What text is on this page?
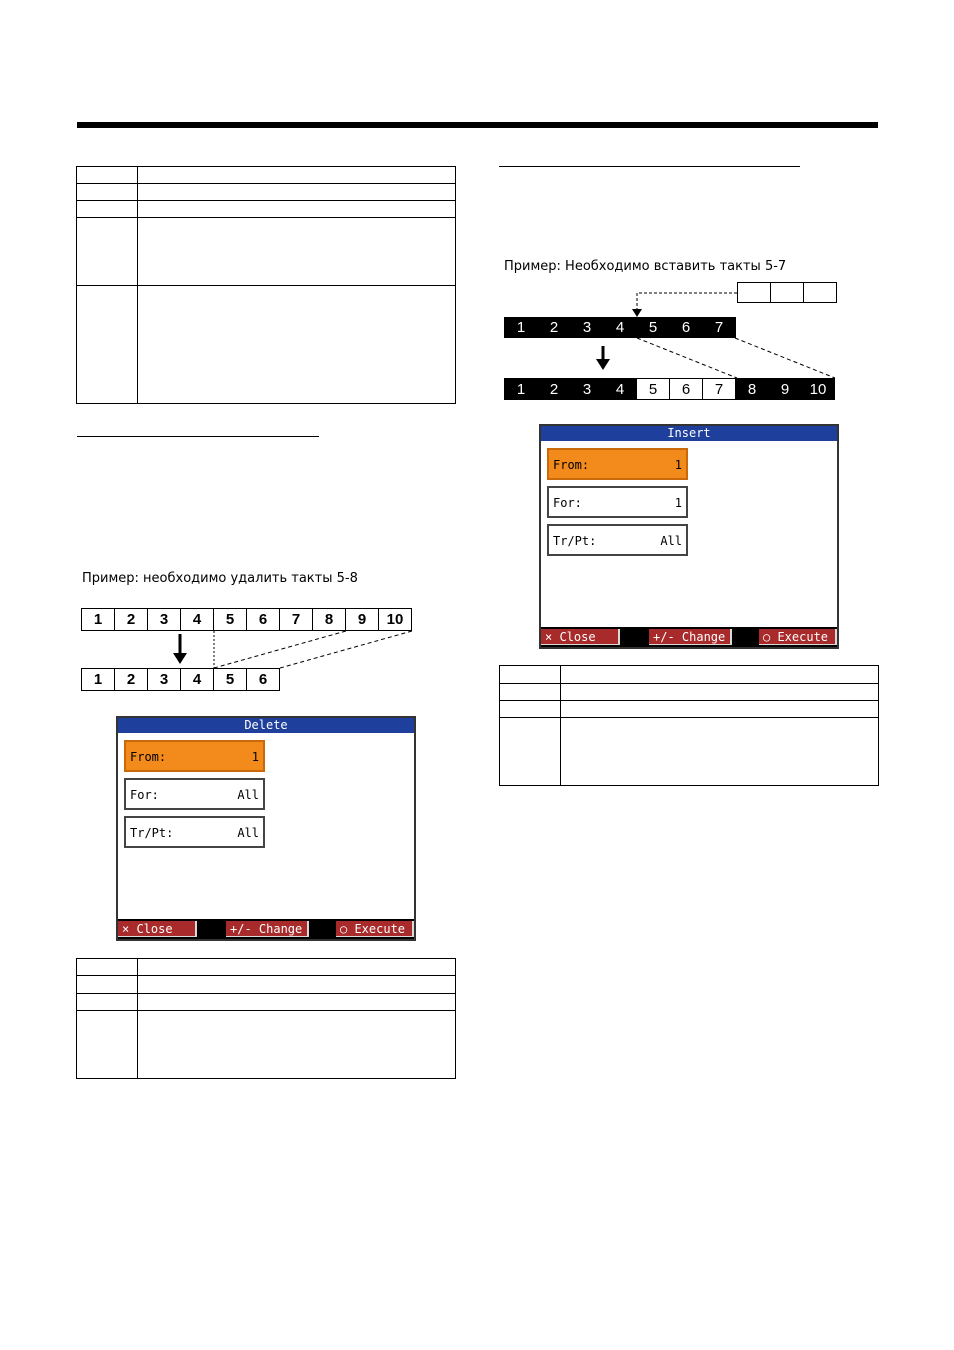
Пример: необходимо удалить такты 5-8
1	2	3	4	5	6	7	8	9	10
1	2	3	4	5	6
Delete
From:	1
For:	All
Tr/Pt:	All
× Close	+/- Change	○ Execute

Пример: Необходимо вставить такты 5-7
1	2	3	4	5	6	7
1	2	3	4	5	6	7	8	9	10
Insert
From:	1
For:	1
Tr/Pt:	All
× Close	+/- Change	○ Execute
